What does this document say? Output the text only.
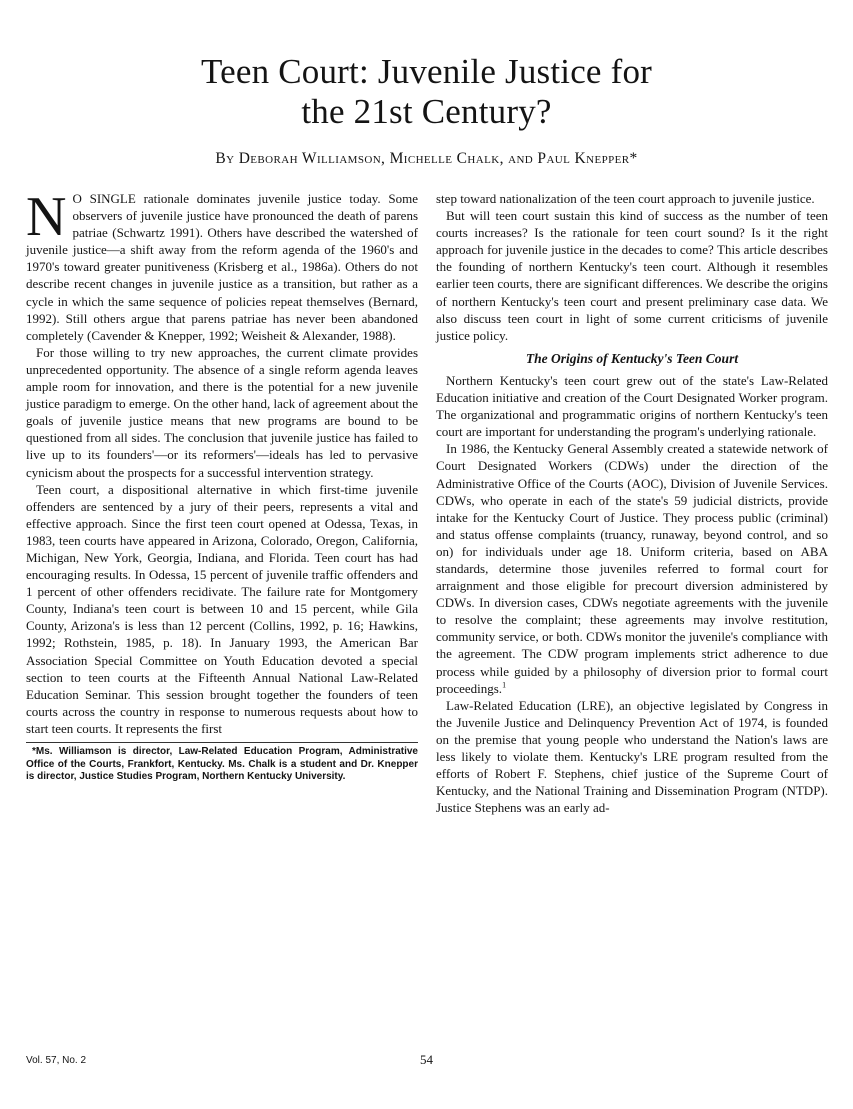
Teen Court: Juvenile Justice for
the 21st Century?
By Deborah Williamson, Michelle Chalk, and Paul Knepper*

N O SINGLE rationale dominates juvenile justice today. Some observers of juvenile justice have pronounced the death of parens patriae (Schwartz 1991). Others have described the watershed of juvenile justice—a shift away from the reform agenda of the 1960's and 1970's toward greater punitiveness (Krisberg et al., 1986a). Others do not describe recent changes in juvenile justice as a transition, but rather as a cycle in which the same sequence of policies repeat themselves (Bernard, 1992). Still others argue that parens patriae has never been abandoned completely (Cavender & Knepper, 1992; Weisheit & Alexander, 1988).

For those willing to try new approaches, the current climate provides unprecedented opportunity. The absence of a single reform agenda leaves ample room for innovation, and there is the potential for a new juvenile justice paradigm to emerge. On the other hand, lack of agreement about the goals of juvenile justice means that new programs are bound to be questioned from all sides. The conclusion that juvenile justice has failed to live up to its founders'—or its reformers'—ideals has led to pervasive cynicism about the prospects for a successful intervention strategy.

Teen court, a dispositional alternative in which first-time juvenile offenders are sentenced by a jury of their peers, represents a vital and effective approach. Since the first teen court opened at Odessa, Texas, in 1983, teen courts have appeared in Arizona, Colorado, Oregon, California, Michigan, New York, Georgia, Indiana, and Florida. Teen court has had encouraging results. In Odessa, 15 percent of juvenile traffic offenders and 1 percent of other offenders recidivate. The failure rate for Montgomery County, Indiana's teen court is between 10 and 15 percent, while Gila County, Arizona's is less than 12 percent (Collins, 1992, p. 16; Hawkins, 1992; Rothstein, 1985, p. 18). In January 1993, the American Bar Association Special Committee on Youth Education devoted a special section to teen courts at the Fifteenth Annual National Law-Related Education Seminar. This session brought together the founders of teen courts across the country in response to numerous requests about how to start teen courts. It represents the first

*Ms. Williamson is director, Law-Related Education Program, Administrative Office of the Courts, Frankfort, Kentucky. Ms. Chalk is a student and Dr. Knepper is director, Justice Studies Program, Northern Kentucky University.

step toward nationalization of the teen court approach to juvenile justice.

But will teen court sustain this kind of success as the number of teen courts increases? Is the rationale for teen court sound? Is it the right approach for juvenile justice in the decades to come? This article describes the founding of northern Kentucky's teen court. Although it resembles earlier teen courts, there are significant differences. We describe the origins of northern Kentucky's teen court and present preliminary case data. We also discuss teen court in light of some current criticisms of juvenile justice policy.

The Origins of Kentucky's Teen Court

Northern Kentucky's teen court grew out of the state's Law-Related Education initiative and creation of the Court Designated Worker program. The organizational and programmatic origins of northern Kentucky's teen court are important for understanding the program's underlying rationale.

In 1986, the Kentucky General Assembly created a statewide network of Court Designated Workers (CDWs) under the direction of the Administrative Office of the Courts (AOC), Division of Juvenile Services. CDWs, who operate in each of the state's 59 judicial districts, provide intake for the Kentucky Court of Justice. They process public (criminal) and status offense complaints (truancy, runaway, beyond control, and so on) for individuals under age 18. Uniform criteria, based on ABA standards, determine those juveniles referred to formal court for arraignment and those eligible for precourt diversion administered by CDWs. In diversion cases, CDWs negotiate agreements with the juvenile to resolve the complaint; these agreements may involve restitution, community service, or both. CDWs monitor the juvenile's compliance with the agreement. The CDW program implements strict adherence to due process while guided by a philosophy of diversion prior to formal court proceedings.$^1$

Law-Related Education (LRE), an objective legislated by Congress in the Juvenile Justice and Delinquency Prevention Act of 1974, is founded on the premise that young people who understand the Nation's laws are less likely to violate them. Kentucky's LRE program resulted from the efforts of Robert F. Stephens, chief justice of the Supreme Court of Kentucky, and the National Training and Dissemination Program (NTDP). Justice Stephens was an early ad-

Vol. 57, No. 2	54
